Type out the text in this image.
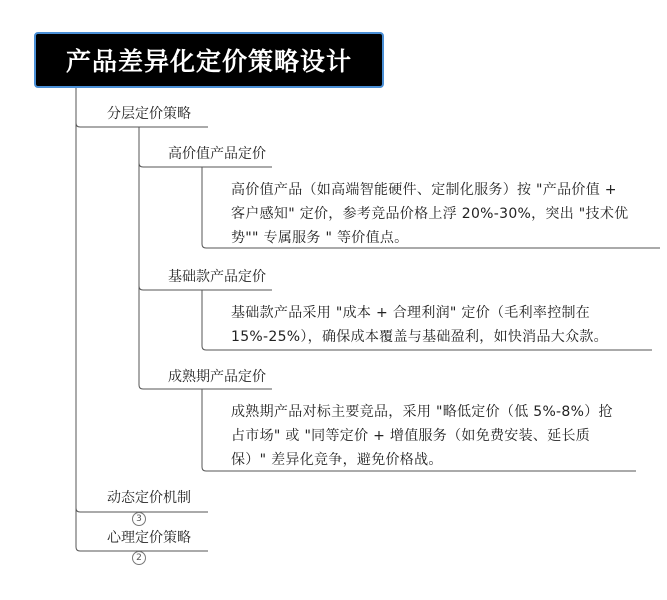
产品差异化定价策略设计
分层定价策略
高价值产品定价
高价值产品（如高端智能硬件、定制化服务）按 "产品价值 +
客户感知" 定价，参考竞品价格上浮 20%-30%，突出 "技术优
势"" 专属服务 " 等价值点。
基础款产品定价
基础款产品采用 "成本 + 合理利润" 定价（毛利率控制在
15%-25%），确保成本覆盖与基础盈利，如快消品大众款。
成熟期产品定价
成熟期产品对标主要竞品，采用 "略低定价（低 5%-8%）抢
占市场" 或 "同等定价 + 增值服务（如免费安装、延长质
保）" 差异化竞争，避免价格战。
动态定价机制
3
心理定价策略
2
